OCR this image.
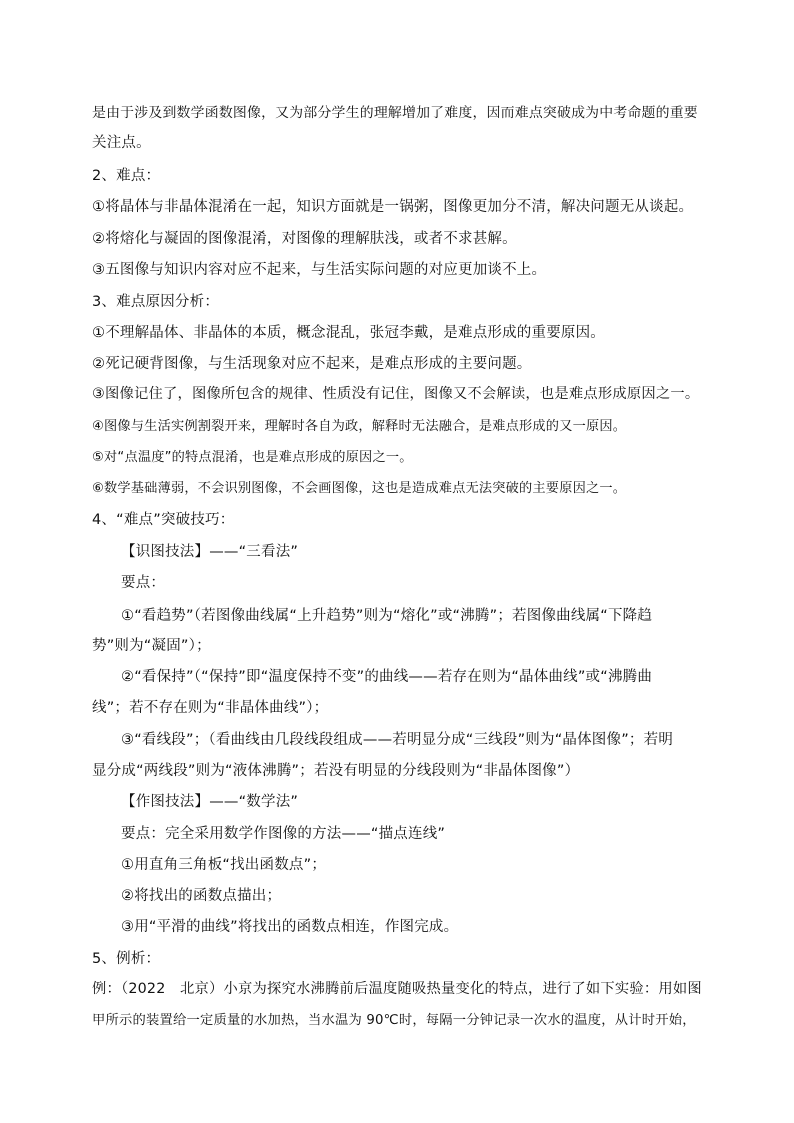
是由于涉及到数学函数图像，又为部分学生的理解增加了难度，因而难点突破成为中考命题的重要
关注点。
2、难点：
①将晶体与非晶体混淆在一起，知识方面就是一锅粥，图像更加分不清，解决问题无从谈起。
②将熔化与凝固的图像混淆，对图像的理解肤浅，或者不求甚解。
③五图像与知识内容对应不起来，与生活实际问题的对应更加谈不上。
3、难点原因分析：
①不理解晶体、非晶体的本质，概念混乱，张冠李戴，是难点形成的重要原因。
②死记硬背图像，与生活现象对应不起来，是难点形成的主要问题。
③图像记住了，图像所包含的规律、性质没有记住，图像又不会解读，也是难点形成原因之一。
④图像与生活实例割裂开来，理解时各自为政，解释时无法融合，是难点形成的又一原因。
⑤对“点温度”的特点混淆，也是难点形成的原因之一。
⑥数学基础薄弱，不会识别图像，不会画图像，这也是造成难点无法突破的主要原因之一。
4、“难点”突破技巧：
【识图技法】——“三看法”
要点：
①“看趋势”（若图像曲线属“上升趋势”则为“熔化”或“沸腾”；若图像曲线属“下降趋
势”则为“凝固”）；
②“看保持”（“保持”即“温度保持不变”的曲线——若存在则为“晶体曲线”或“沸腾曲
线”；若不存在则为“非晶体曲线”）；
③“看线段”；（看曲线由几段线段组成——若明显分成“三线段”则为“晶体图像”；若明
显分成“两线段”则为“液体沸腾”；若没有明显的分线段则为“非晶体图像”）
【作图技法】——“数学法”
要点：完全采用数学作图像的方法——“描点连线”
①用直角三角板“找出函数点”；
②将找出的函数点描出；
③用“平滑的曲线”将找出的函数点相连，作图完成。
5、例析：
例：（2022　北京）小京为探究水沸腾前后温度随吸热量变化的特点，进行了如下实验：用如图
甲所示的装置给一定质量的水加热，当水温为 90℃时，每隔一分钟记录一次水的温度，从计时开始，
